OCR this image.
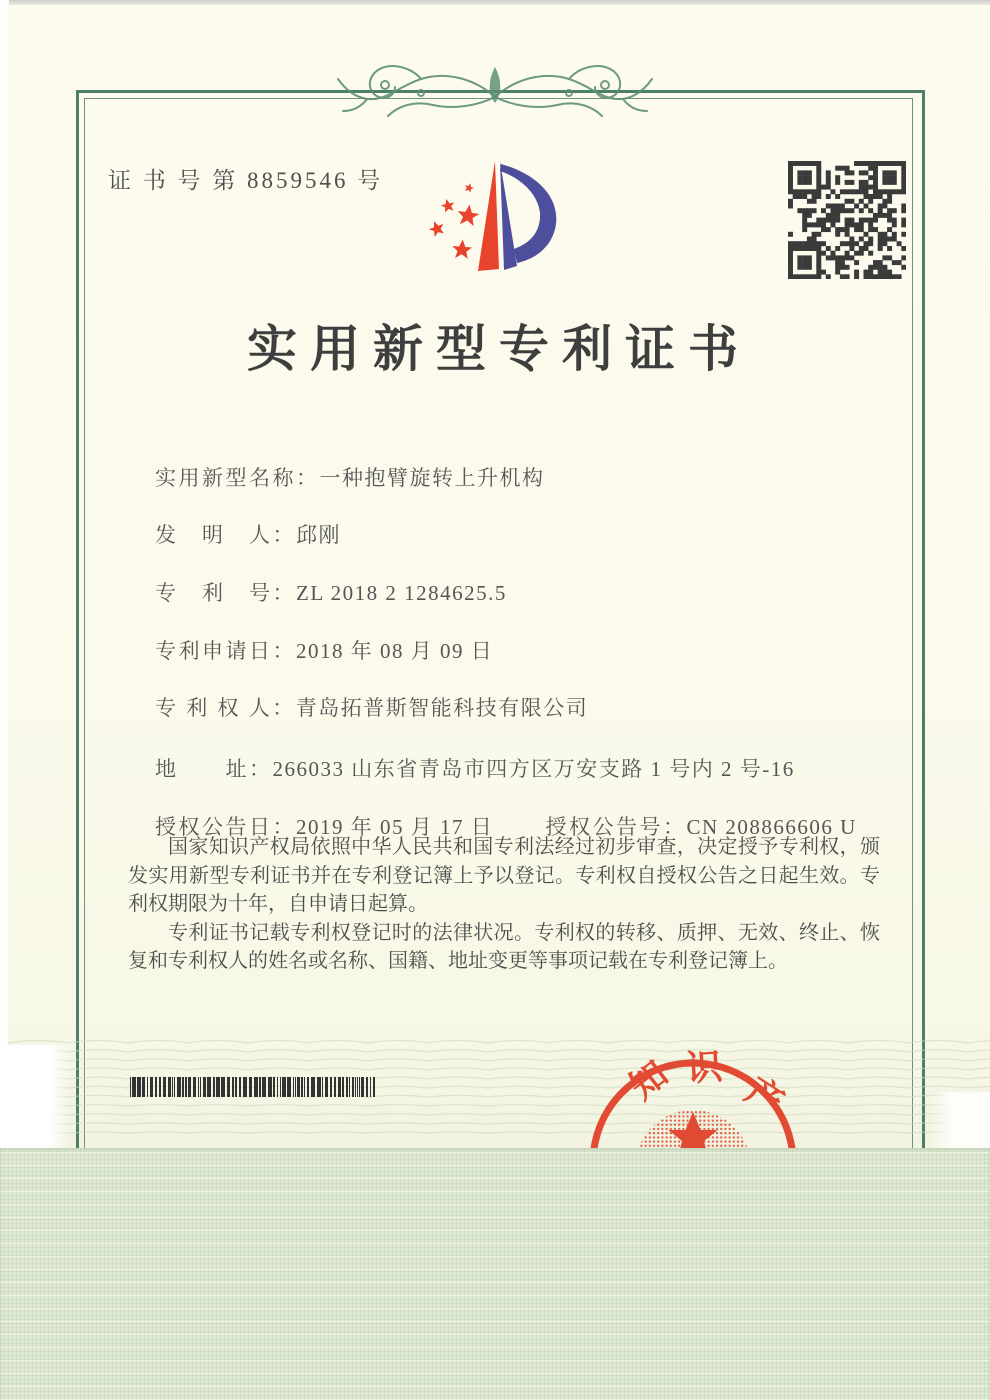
证 书 号 第 8859546 号
实用新型专利证书

实用新型名称：一种抱臂旋转上升机构

发　明　人：邱刚

专　利　号：ZL 2018 2 1284625.5

专利申请日：2018 年 08 月 09 日

专 利 权 人：青岛拓普斯智能科技有限公司

地　　址：266033 山东省青岛市四方区万安支路 1 号内 2 号-16

授权公告日：2019 年 05 月 17 日
	授权公告号：CN 208866606 U

国家知识产权局依照中华人民共和国专利法经过初步审查，决定授予专利权，颁发实用新型专利证书并在专利登记簿上予以登记。专利权自授权公告之日起生效。专利权期限为十年，自申请日起算。

专利证书记载专利权登记时的法律状况。专利权的转移、质押、无效、终止、恢复和专利权人的姓名或名称、国籍、地址变更等事项记载在专利登记簿上。

知 识
产
